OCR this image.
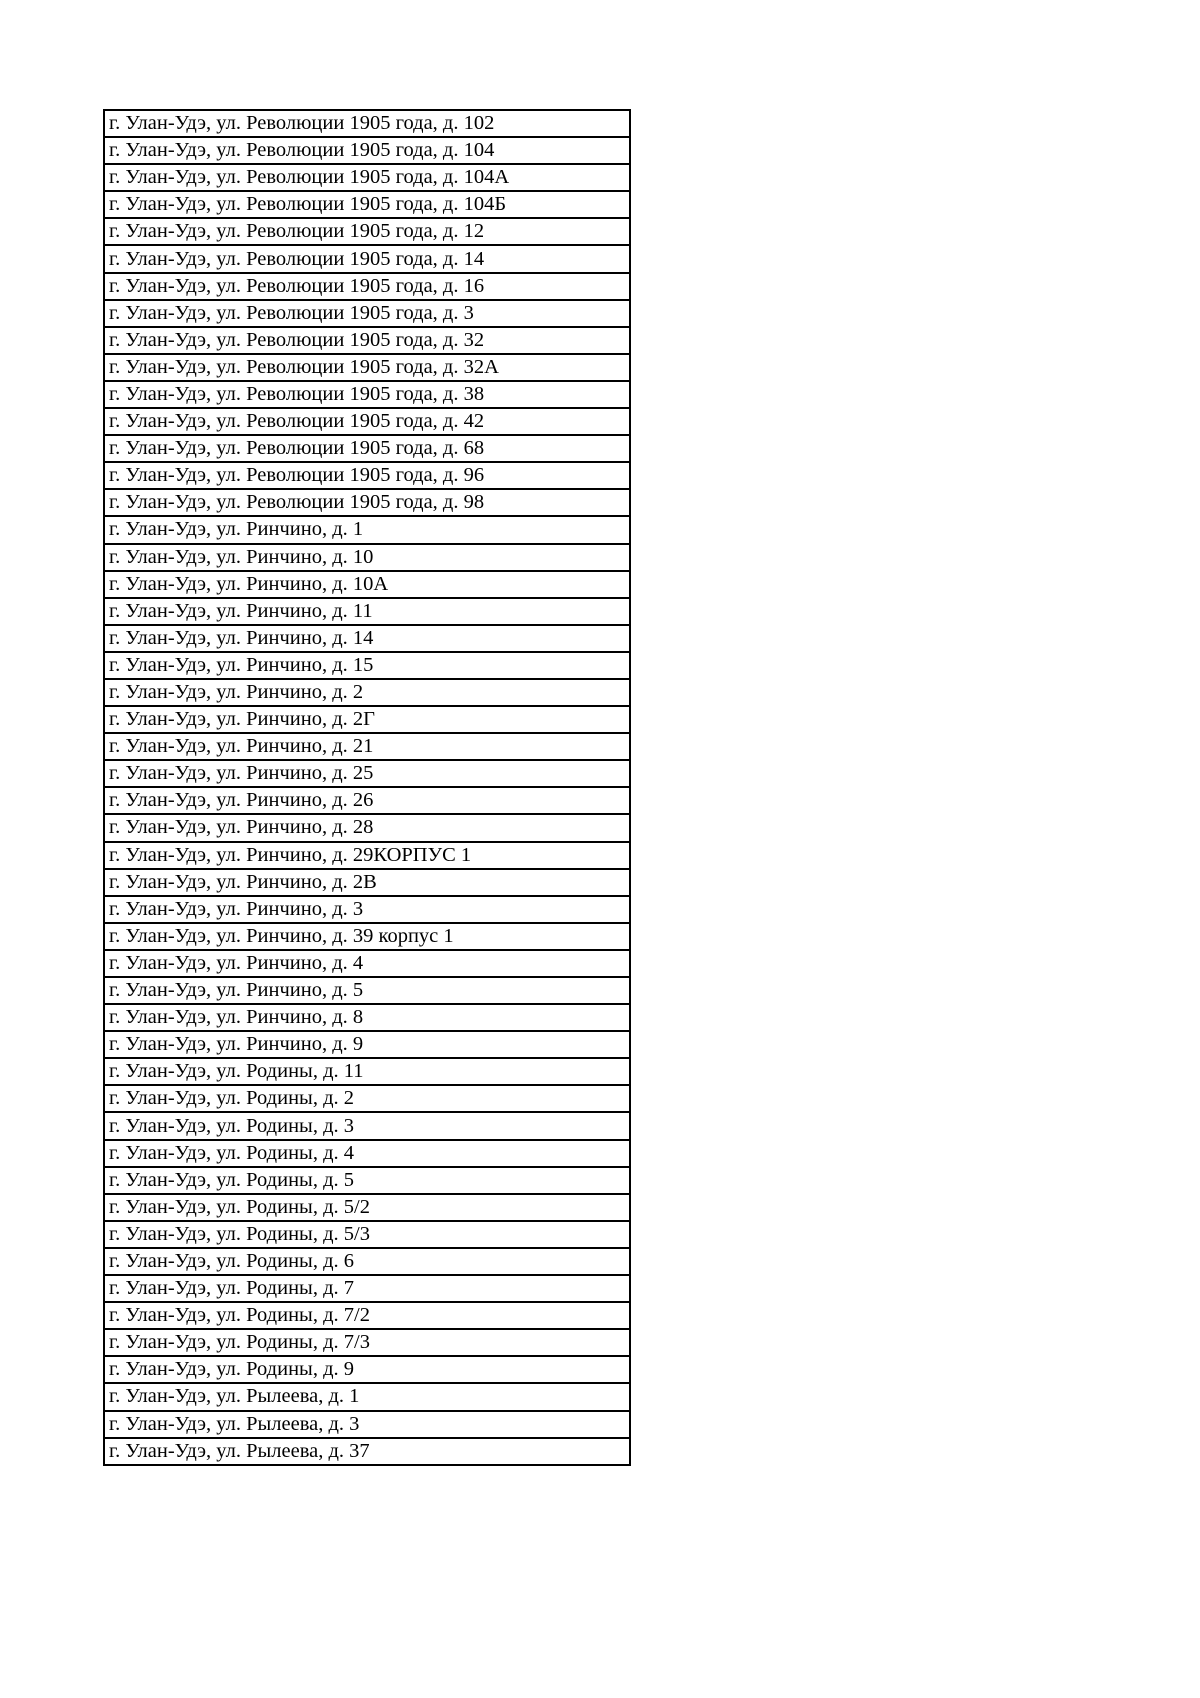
г. Улан-Удэ, ул. Революции 1905 года, д. 102
г. Улан-Удэ, ул. Революции 1905 года, д. 104
г. Улан-Удэ, ул. Революции 1905 года, д. 104А
г. Улан-Удэ, ул. Революции 1905 года, д. 104Б
г. Улан-Удэ, ул. Революции 1905 года, д. 12
г. Улан-Удэ, ул. Революции 1905 года, д. 14
г. Улан-Удэ, ул. Революции 1905 года, д. 16
г. Улан-Удэ, ул. Революции 1905 года, д. 3
г. Улан-Удэ, ул. Революции 1905 года, д. 32
г. Улан-Удэ, ул. Революции 1905 года, д. 32А
г. Улан-Удэ, ул. Революции 1905 года, д. 38
г. Улан-Удэ, ул. Революции 1905 года, д. 42
г. Улан-Удэ, ул. Революции 1905 года, д. 68
г. Улан-Удэ, ул. Революции 1905 года, д. 96
г. Улан-Удэ, ул. Революции 1905 года, д. 98
г. Улан-Удэ, ул. Ринчино, д. 1
г. Улан-Удэ, ул. Ринчино, д. 10
г. Улан-Удэ, ул. Ринчино, д. 10А
г. Улан-Удэ, ул. Ринчино, д. 11
г. Улан-Удэ, ул. Ринчино, д. 14
г. Улан-Удэ, ул. Ринчино, д. 15
г. Улан-Удэ, ул. Ринчино, д. 2
г. Улан-Удэ, ул. Ринчино, д. 2Г
г. Улан-Удэ, ул. Ринчино, д. 21
г. Улан-Удэ, ул. Ринчино, д. 25
г. Улан-Удэ, ул. Ринчино, д. 26
г. Улан-Удэ, ул. Ринчино, д. 28
г. Улан-Удэ, ул. Ринчино, д. 29КОРПУС 1
г. Улан-Удэ, ул. Ринчино, д. 2В
г. Улан-Удэ, ул. Ринчино, д. 3
г. Улан-Удэ, ул. Ринчино, д. 39 корпус 1
г. Улан-Удэ, ул. Ринчино, д. 4
г. Улан-Удэ, ул. Ринчино, д. 5
г. Улан-Удэ, ул. Ринчино, д. 8
г. Улан-Удэ, ул. Ринчино, д. 9
г. Улан-Удэ, ул. Родины, д. 11
г. Улан-Удэ, ул. Родины, д. 2
г. Улан-Удэ, ул. Родины, д. 3
г. Улан-Удэ, ул. Родины, д. 4
г. Улан-Удэ, ул. Родины, д. 5
г. Улан-Удэ, ул. Родины, д. 5/2
г. Улан-Удэ, ул. Родины, д. 5/3
г. Улан-Удэ, ул. Родины, д. 6
г. Улан-Удэ, ул. Родины, д. 7
г. Улан-Удэ, ул. Родины, д. 7/2
г. Улан-Удэ, ул. Родины, д. 7/3
г. Улан-Удэ, ул. Родины, д. 9
г. Улан-Удэ, ул. Рылеева, д. 1
г. Улан-Удэ, ул. Рылеева, д. 3
г. Улан-Удэ, ул. Рылеева, д. 37
